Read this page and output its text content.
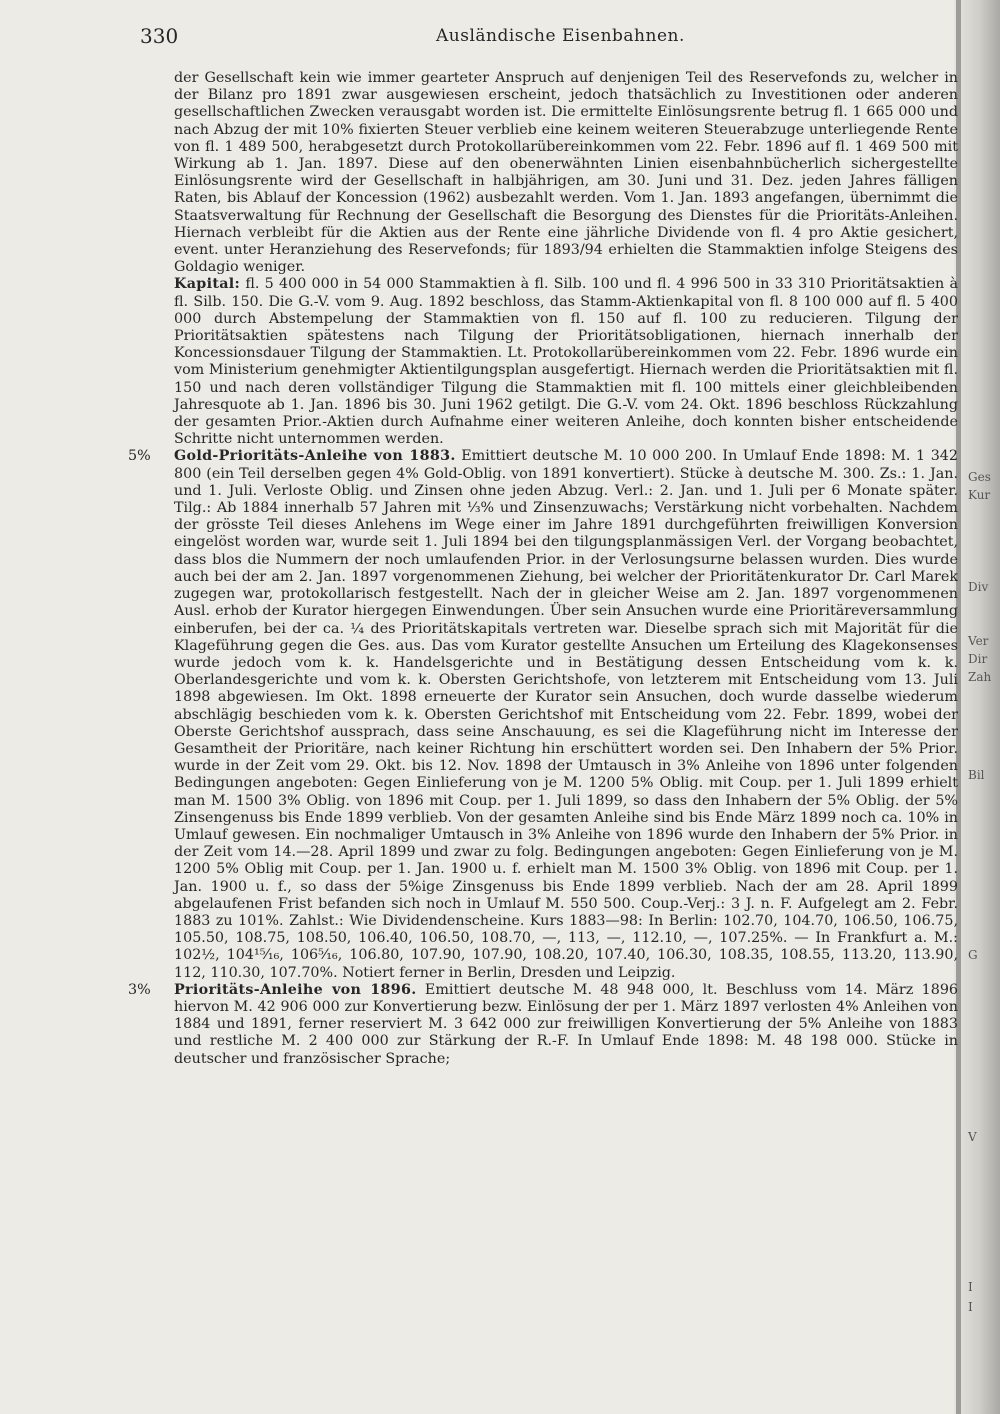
330	Ausländische Eisenbahnen.

der Gesellschaft kein wie immer gearteter Anspruch auf denjenigen Teil des Reservefonds zu, welcher in der Bilanz pro 1891 zwar ausgewiesen erscheint, jedoch thatsächlich zu Investitionen oder anderen gesellschaftlichen Zwecken verausgabt worden ist. Die ermittelte Einlösungsrente betrug fl. 1 665 000 und nach Abzug der mit 10% fixierten Steuer verblieb eine keinem weiteren Steuerabzuge unterliegende Rente von fl. 1 489 500, herabgesetzt durch Protokollarübereinkommen vom 22. Febr. 1896 auf fl. 1 469 500 mit Wirkung ab 1. Jan. 1897. Diese auf den obenerwähnten Linien eisenbahnbücherlich sichergestellte Einlösungsrente wird der Gesellschaft in halbjährigen, am 30. Juni und 31. Dez. jeden Jahres fälligen Raten, bis Ablauf der Koncession (1962) ausbezahlt werden. Vom 1. Jan. 1893 angefangen, übernimmt die Staatsverwaltung für Rechnung der Gesellschaft die Besorgung des Dienstes für die Prioritäts-Anleihen. Hiernach verbleibt für die Aktien aus der Rente eine jährliche Dividende von fl. 4 pro Aktie gesichert, event. unter Heranziehung des Reservefonds; für 1893/94 erhielten die Stammaktien infolge Steigens des Goldagio weniger.

Kapital: fl. 5 400 000 in 54 000 Stammaktien à fl. Silb. 100 und fl. 4 996 500 in 33 310 Prioritätsaktien à fl. Silb. 150. Die G.-V. vom 9. Aug. 1892 beschloss, das Stamm-Aktienkapital von fl. 8 100 000 auf fl. 5 400 000 durch Abstempelung der Stammaktien von fl. 150 auf fl. 100 zu reducieren. Tilgung der Prioritätsaktien spätestens nach Tilgung der Prioritätsobligationen, hiernach innerhalb der Koncessionsdauer Tilgung der Stammaktien. Lt. Protokollarübereinkommen vom 22. Febr. 1896 wurde ein vom Ministerium genehmigter Aktientilgungsplan ausgefertigt. Hiernach werden die Prioritätsaktien mit fl. 150 und nach deren vollständiger Tilgung die Stammaktien mit fl. 100 mittels einer gleichbleibenden Jahresquote ab 1. Jan. 1896 bis 30. Juni 1962 getilgt. Die G.-V. vom 24. Okt. 1896 beschloss Rückzahlung der gesamten Prior.-Aktien durch Aufnahme einer weiteren Anleihe, doch konnten bisher entscheidende Schritte nicht unternommen werden.

5% Gold-Prioritäts-Anleihe von 1883. Emittiert deutsche M. 10 000 200. In Umlauf Ende 1898: M. 1 342 800 (ein Teil derselben gegen 4% Gold-Oblig. von 1891 konvertiert). Stücke à deutsche M. 300. Zs.: 1. Jan. und 1. Juli. Verloste Oblig. und Zinsen ohne jeden Abzug. Verl.: 2. Jan. und 1. Juli per 6 Monate später. Tilg.: Ab 1884 innerhalb 57 Jahren mit ⅓% und Zinsenzuwachs; Verstärkung nicht vorbehalten. Nachdem der grösste Teil dieses Anlehens im Wege einer im Jahre 1891 durchgeführten freiwilligen Konversion eingelöst worden war, wurde seit 1. Juli 1894 bei den tilgungsplanmässigen Verl. der Vorgang beobachtet, dass blos die Nummern der noch umlaufenden Prior. in der Verlosungsurne belassen wurden. Dies wurde auch bei der am 2. Jan. 1897 vorgenommenen Ziehung, bei welcher der Prioritätenkurator Dr. Carl Marek zugegen war, protokollarisch festgestellt. Nach der in gleicher Weise am 2. Jan. 1897 vorgenommenen Ausl. erhob der Kurator hiergegen Einwendungen. Über sein Ansuchen wurde eine Prioritäreversammlung einberufen, bei der ca. ¼ des Prioritätskapitals vertreten war. Dieselbe sprach sich mit Majorität für die Klageführung gegen die Ges. aus. Das vom Kurator gestellte Ansuchen um Erteilung des Klagekonsenses wurde jedoch vom k. k. Handelsgerichte und in Bestätigung dessen Entscheidung vom k. k. Oberlandesgerichte und vom k. k. Obersten Gerichtshofe, von letzterem mit Entscheidung vom 13. Juli 1898 abgewiesen. Im Okt. 1898 erneuerte der Kurator sein Ansuchen, doch wurde dasselbe wiederum abschlägig beschieden vom k. k. Obersten Gerichtshof mit Entscheidung vom 22. Febr. 1899, wobei der Oberste Gerichtshof aussprach, dass seine Anschauung, es sei die Klageführung nicht im Interesse der Gesamtheit der Prioritäre, nach keiner Richtung hin erschüttert worden sei. Den Inhabern der 5% Prior. wurde in der Zeit vom 29. Okt. bis 12. Nov. 1898 der Umtausch in 3% Anleihe von 1896 unter folgenden Bedingungen angeboten: Gegen Einlieferung von je M. 1200 5% Oblig. mit Coup. per 1. Juli 1899 erhielt man M. 1500 3% Oblig. von 1896 mit Coup. per 1. Juli 1899, so dass den Inhabern der 5% Oblig. der 5% Zinsengenuss bis Ende 1899 verblieb. Von der gesamten Anleihe sind bis Ende März 1899 noch ca. 10% in Umlauf gewesen. Ein nochmaliger Umtausch in 3% Anleihe von 1896 wurde den Inhabern der 5% Prior. in der Zeit vom 14.—28. April 1899 und zwar zu folg. Bedingungen angeboten: Gegen Einlieferung von je M. 1200 5% Oblig mit Coup. per 1. Jan. 1900 u. f. erhielt man M. 1500 3% Oblig. von 1896 mit Coup. per 1. Jan. 1900 u. f., so dass der 5%ige Zinsgenuss bis Ende 1899 verblieb. Nach der am 28. April 1899 abgelaufenen Frist befanden sich noch in Umlauf M. 550 500. Coup.-Verj.: 3 J. n. F. Aufgelegt am 2. Febr. 1883 zu 101%. Zahlst.: Wie Dividendenscheine. Kurs 1883—98: In Berlin: 102.70, 104.70, 106.50, 106.75, 105.50, 108.75, 108.50, 106.40, 106.50, 108.70, —, 113, —, 112.10, —, 107.25%. — In Frankfurt a. M.: 102½, 104¹⁵⁄₁₆, 106⁵⁄₁₆, 106.80, 107.90, 107.90, 108.20, 107.40, 106.30, 108.35, 108.55, 113.20, 113.90, 112, 110.30, 107.70%. Notiert ferner in Berlin, Dresden und Leipzig.

3% Prioritäts-Anleihe von 1896. Emittiert deutsche M. 48 948 000, lt. Beschluss vom 14. März 1896 hiervon M. 42 906 000 zur Konvertierung bezw. Einlösung der per 1. März 1897 verlosten 4% Anleihen von 1884 und 1891, ferner reserviert M. 3 642 000 zur freiwilligen Konvertierung der 5% Anleihe von 1883 und restliche M. 2 400 000 zur Stärkung der R.-F. In Umlauf Ende 1898: M. 48 198 000. Stücke in deutscher und französischer Sprache;

Ges
Kur
Div
Ver
Dir
Zah
Bil
G
V
I
I
